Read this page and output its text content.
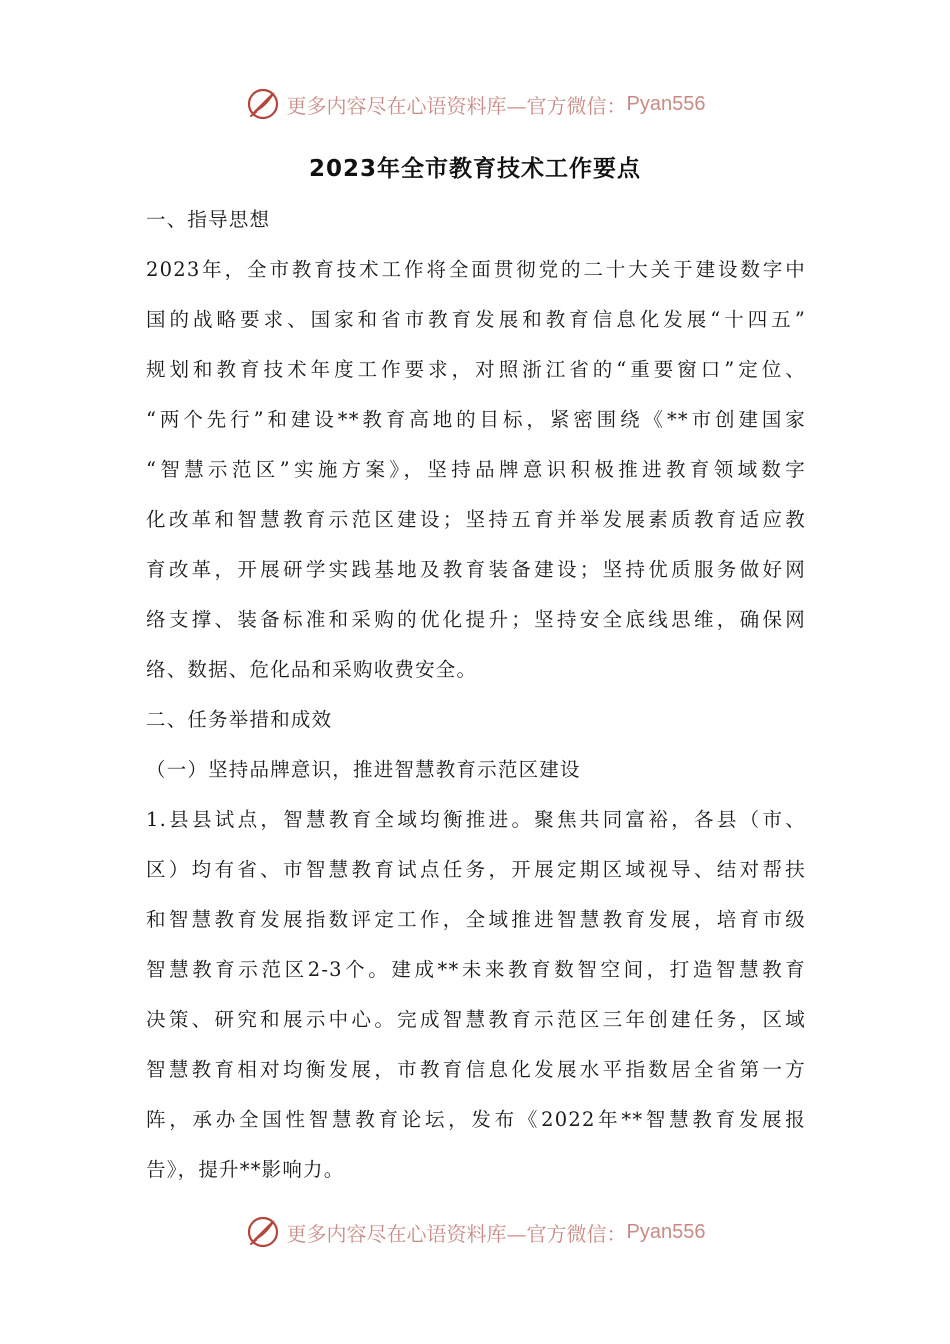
更多内容尽在心语资料库—官方微信： Pyan556
2023年全市教育技术工作要点
一、指导思想
2023年，全市教育技术工作将全面贯彻党的二十大关于建设数字中
国的战略要求、国家和省市教育发展和教育信息化发展“十四五”
规划和教育技术年度工作要求，对照浙江省的“重要窗口”定位、
“两个先行”和建设**教育高地的目标，紧密围绕《**市创建国家
“智慧示范区”实施方案》，坚持品牌意识积极推进教育领域数字
化改革和智慧教育示范区建设；坚持五育并举发展素质教育适应教
育改革，开展研学实践基地及教育装备建设；坚持优质服务做好网
络支撑、装备标准和采购的优化提升；坚持安全底线思维，确保网
络、数据、危化品和采购收费安全。
二、任务举措和成效
（一）坚持品牌意识，推进智慧教育示范区建设
1.县县试点，智慧教育全域均衡推进。聚焦共同富裕，各县（市、
区）均有省、市智慧教育试点任务，开展定期区域视导、结对帮扶
和智慧教育发展指数评定工作，全域推进智慧教育发展，培育市级
智慧教育示范区2-3个。建成**未来教育数智空间，打造智慧教育
决策、研究和展示中心。完成智慧教育示范区三年创建任务，区域
智慧教育相对均衡发展，市教育信息化发展水平指数居全省第一方
阵，承办全国性智慧教育论坛，发布《2022年**智慧教育发展报
告》，提升**影响力。
更多内容尽在心语资料库—官方微信： Pyan556
